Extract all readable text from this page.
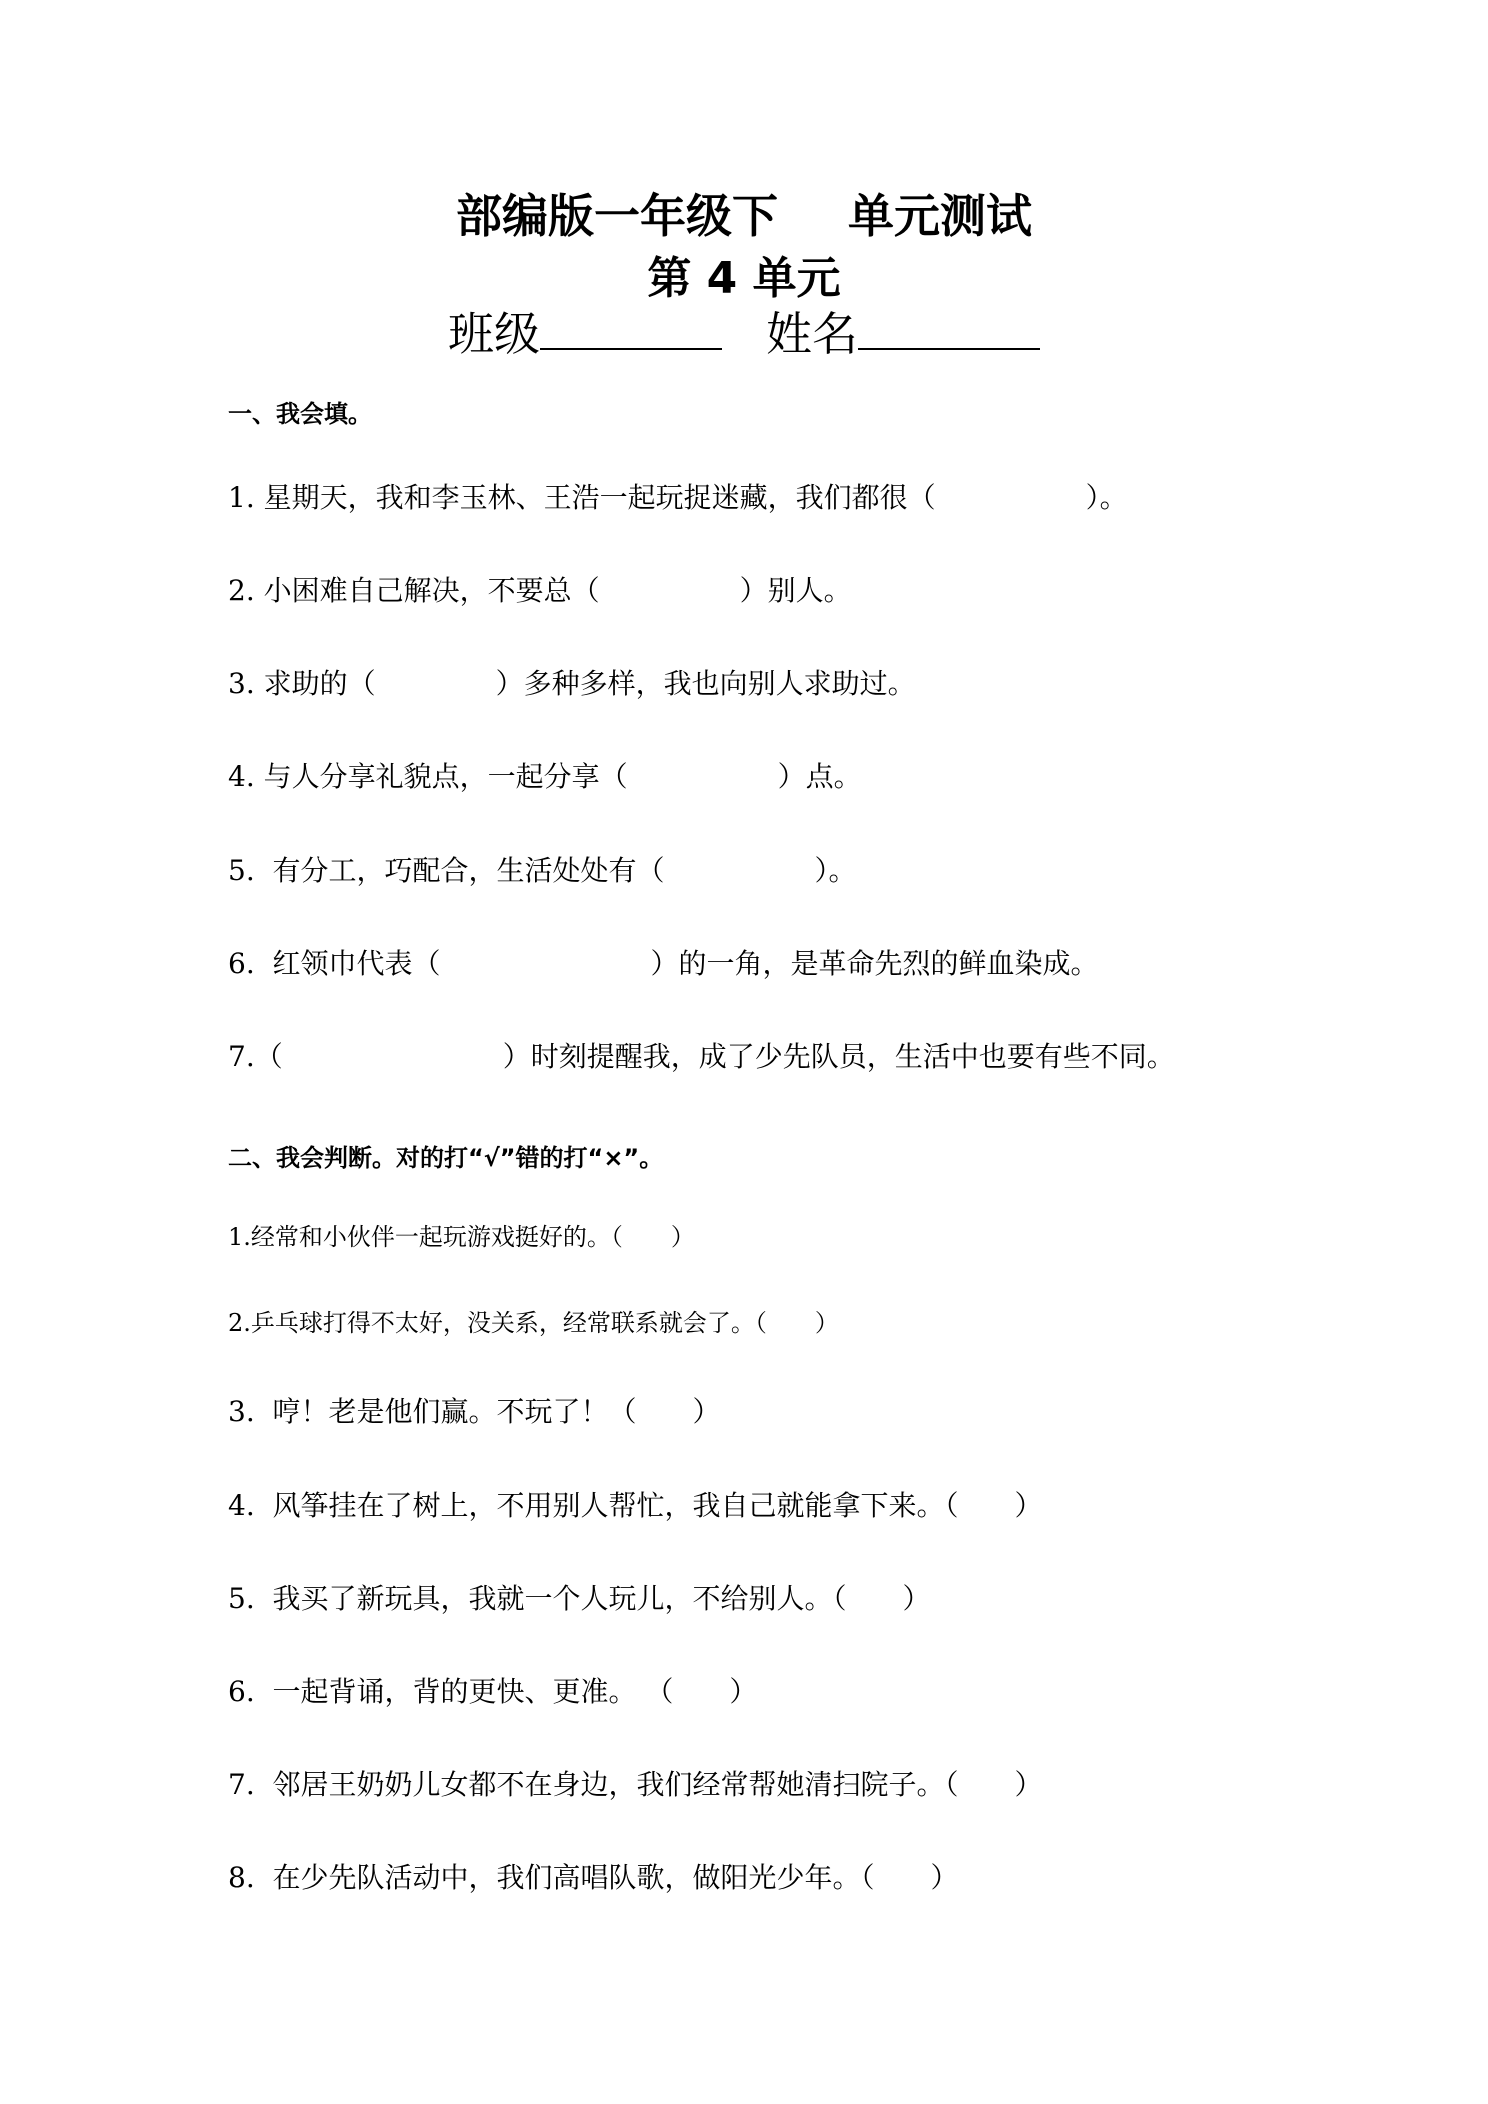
部编版一年级下 单元测试
第 4 单元
班级	姓名
一、我会填。
1. 星期天，我和李玉林、王浩一起玩捉迷藏，我们都很（	）。
2. 小困难自己解决，不要总（	）别人。
3. 求助的（	）多种多样，我也向别人求助过。
4. 与人分享礼貌点，一起分享（	）点。
5. 有分工，巧配合，生活处处有（	）。
6. 红领巾代表（	）的一角，是革命先烈的鲜血染成。
7.（	）时刻提醒我，成了少先队员，生活中也要有些不同。
二、我会判断。对的打“√”错的打“×”。
1.经常和小伙伴一起玩游戏挺好的。（　　）
2.乒乓球打得不太好，没关系，经常联系就会了。（　　）
3. 哼！老是他们赢。不玩了！（　　）
4. 风筝挂在了树上，不用别人帮忙，我自己就能拿下来。（　　）
5. 我买了新玩具，我就一个人玩儿，不给别人。（　　）
6. 一起背诵，背的更快、更准。 （　　）
7. 邻居王奶奶儿女都不在身边，我们经常帮她清扫院子。（　　）
8. 在少先队活动中，我们高唱队歌，做阳光少年。（　　）
